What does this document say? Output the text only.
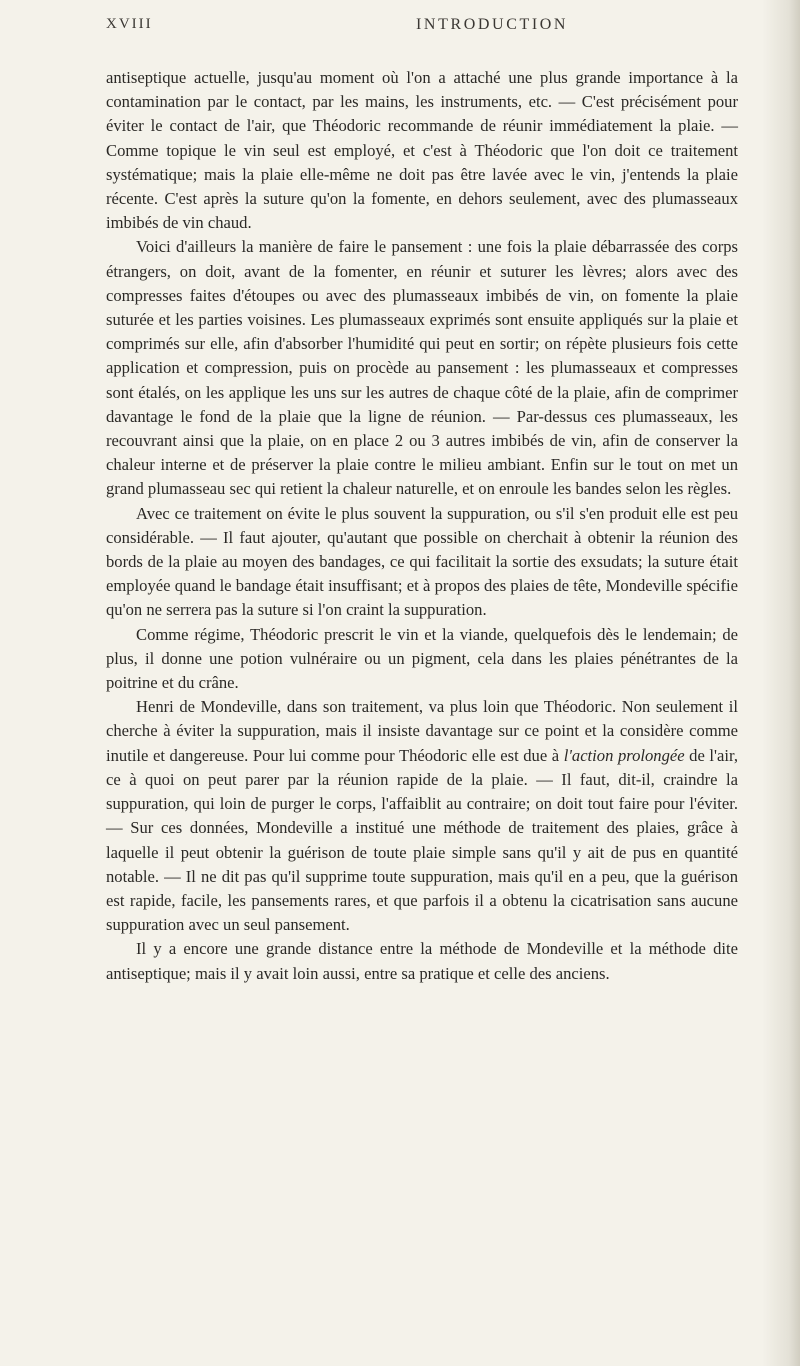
XVIII	INTRODUCTION

antiseptique actuelle, jusqu'au moment où l'on a attaché une plus grande importance à la contamination par le contact, par les mains, les instruments, etc. — C'est précisément pour éviter le contact de l'air, que Théodoric recommande de réunir immédiatement la plaie. — Comme topique le vin seul est employé, et c'est à Théodoric que l'on doit ce traitement systématique; mais la plaie elle-même ne doit pas être lavée avec le vin, j'entends la plaie récente. C'est après la suture qu'on la fomente, en dehors seulement, avec des plumasseaux imbibés de vin chaud.

Voici d'ailleurs la manière de faire le pansement : une fois la plaie débarrassée des corps étrangers, on doit, avant de la fomenter, en réunir et suturer les lèvres; alors avec des compresses faites d'étoupes ou avec des plumasseaux imbibés de vin, on fomente la plaie suturée et les parties voisines. Les plumasseaux exprimés sont ensuite appliqués sur la plaie et comprimés sur elle, afin d'absorber l'humidité qui peut en sortir; on répète plusieurs fois cette application et compression, puis on procède au pansement : les plumasseaux et compresses sont étalés, on les applique les uns sur les autres de chaque côté de la plaie, afin de comprimer davantage le fond de la plaie que la ligne de réunion. — Par-dessus ces plumasseaux, les recouvrant ainsi que la plaie, on en place 2 ou 3 autres imbibés de vin, afin de conserver la chaleur interne et de préserver la plaie contre le milieu ambiant. Enfin sur le tout on met un grand plumasseau sec qui retient la chaleur naturelle, et on enroule les bandes selon les règles.

Avec ce traitement on évite le plus souvent la suppuration, ou s'il s'en produit elle est peu considérable. — Il faut ajouter, qu'autant que possible on cherchait à obtenir la réunion des bords de la plaie au moyen des bandages, ce qui facilitait la sortie des exsudats; la suture était employée quand le bandage était insuffisant; et à propos des plaies de tête, Mondeville spécifie qu'on ne serrera pas la suture si l'on craint la suppuration.

Comme régime, Théodoric prescrit le vin et la viande, quelquefois dès le lendemain; de plus, il donne une potion vulnéraire ou un pigment, cela dans les plaies pénétrantes de la poitrine et du crâne.

Henri de Mondeville, dans son traitement, va plus loin que Théodoric. Non seulement il cherche à éviter la suppuration, mais il insiste davantage sur ce point et la considère comme inutile et dangereuse. Pour lui comme pour Théodoric elle est due à l'action prolongée de l'air, ce à quoi on peut parer par la réunion rapide de la plaie. — Il faut, dit-il, craindre la suppuration, qui loin de purger le corps, l'affaiblit au contraire; on doit tout faire pour l'éviter. — Sur ces données, Mondeville a institué une méthode de traitement des plaies, grâce à laquelle il peut obtenir la guérison de toute plaie simple sans qu'il y ait de pus en quantité notable. — Il ne dit pas qu'il supprime toute suppuration, mais qu'il en a peu, que la guérison est rapide, facile, les pansements rares, et que parfois il a obtenu la cicatrisation sans aucune suppuration avec un seul pansement.

Il y a encore une grande distance entre la méthode de Mondeville et la méthode dite antiseptique; mais il y avait loin aussi, entre sa pratique et celle des anciens.
